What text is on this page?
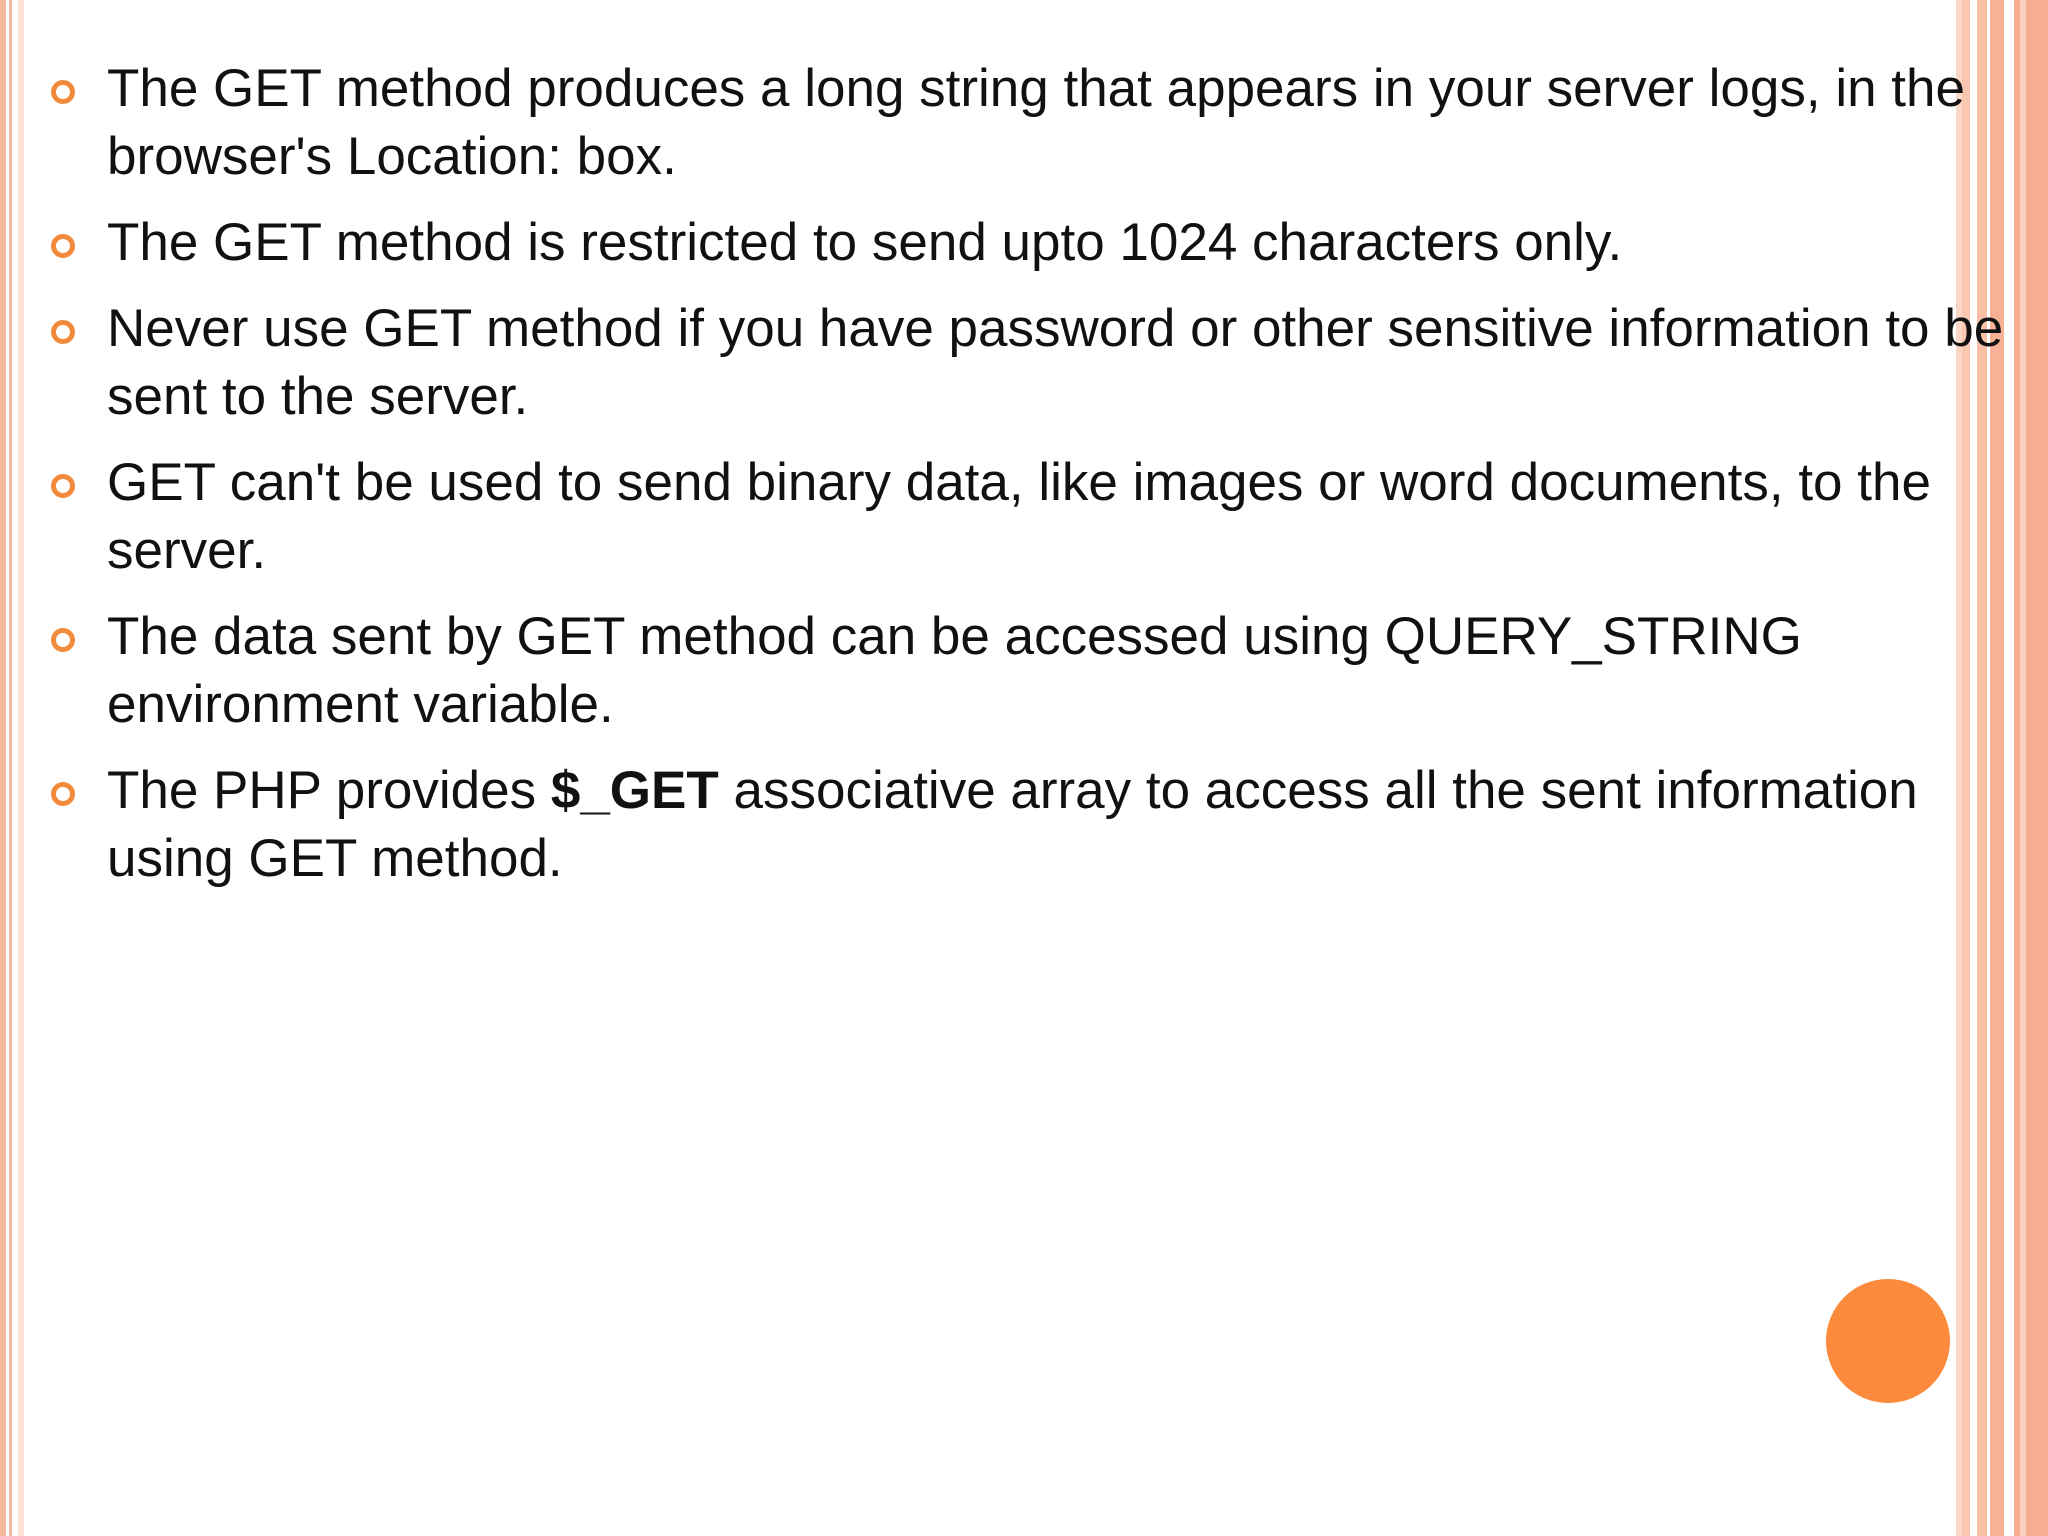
The GET method produces a long string that appears in your server logs, in the browser's Location: box.
The GET method is restricted to send upto 1024 characters only.
Never use GET method if you have password or other sensitive information to be sent to the server.
GET can't be used to send binary data, like images or word documents, to the server.
The data sent by GET method can be accessed using QUERY_STRING environment variable.
The PHP provides $_GET associative array to access all the sent information using GET method.
